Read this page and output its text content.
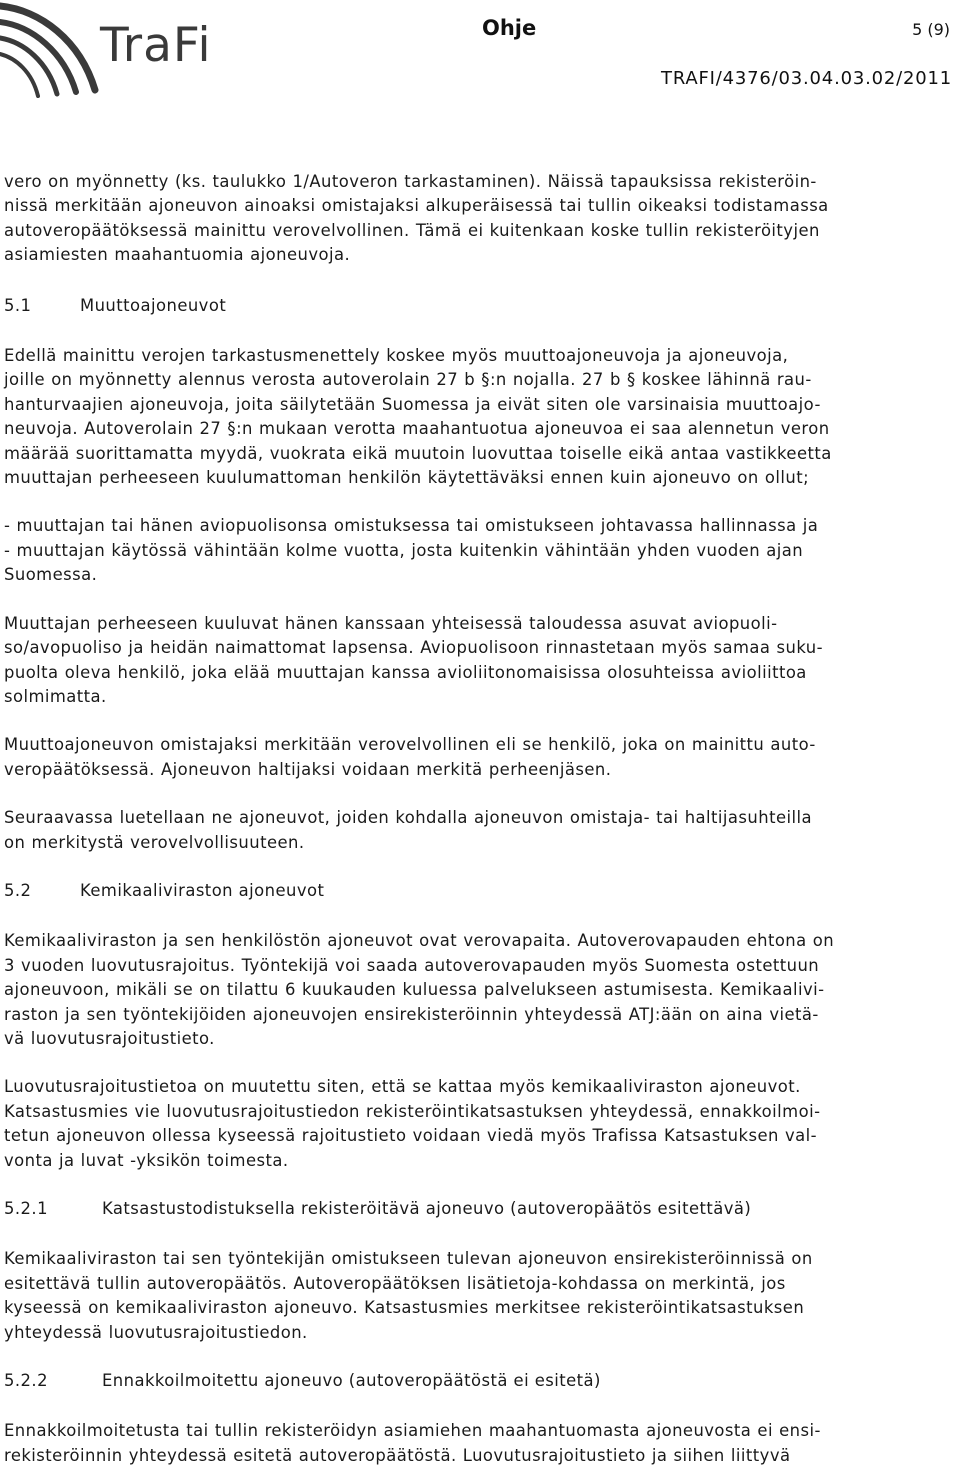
TraFi	Ohje	5 (9)
TRAFI/4376/03.04.03.02/2011

vero on myönnetty (ks. taulukko 1/Autoveron tarkastaminen). Näissä tapauksissa rekisteröin-
nissä merkitään ajoneuvon ainoaksi omistajaksi alkuperäisessä tai tullin oikeaksi todistamassa
autoveropäätöksessä mainittu verovelvollinen. Tämä ei kuitenkaan koske tullin rekisteröityjen
asiamiesten maahantuomia ajoneuvoja.

5.1	Muuttoajoneuvot

Edellä mainittu verojen tarkastusmenettely koskee myös muuttoajoneuvoja ja ajoneuvoja,
joille on myönnetty alennus verosta autoverolain 27 b §:n nojalla. 27 b § koskee lähinnä rau-
hanturvaajien ajoneuvoja, joita säilytetään Suomessa ja eivät siten ole varsinaisia muuttoajo-
neuvoja. Autoverolain 27 §:n mukaan verotta maahantuotua ajoneuvoa ei saa alennetun veron
määrää suorittamatta myydä, vuokrata eikä muutoin luovuttaa toiselle eikä antaa vastikkeetta
muuttajan perheeseen kuulumattoman henkilön käytettäväksi ennen kuin ajoneuvo on ollut;

- muuttajan tai hänen aviopuolisonsa omistuksessa tai omistukseen johtavassa hallinnassa ja
- muuttajan käytössä vähintään kolme vuotta, josta kuitenkin vähintään yhden vuoden ajan
Suomessa.

Muuttajan perheeseen kuuluvat hänen kanssaan yhteisessä taloudessa asuvat aviopuoli-
so/avopuoliso ja heidän naimattomat lapsensa. Aviopuolisoon rinnastetaan myös samaa suku-
puolta oleva henkilö, joka elää muuttajan kanssa avioliitonomaisissa olosuhteissa avioliittoa
solmimatta.

Muuttoajoneuvon omistajaksi merkitään verovelvollinen eli se henkilö, joka on mainittu auto-
veropäätöksessä. Ajoneuvon haltijaksi voidaan merkitä perheenjäsen.

Seuraavassa luetellaan ne ajoneuvot, joiden kohdalla ajoneuvon omistaja- tai haltijasuhteilla
on merkitystä verovelvollisuuteen.

5.2	Kemikaaliviraston ajoneuvot

Kemikaaliviraston ja sen henkilöstön ajoneuvot ovat verovapaita. Autoverovapauden ehtona on
3 vuoden luovutusrajoitus. Työntekijä voi saada autoverovapauden myös Suomesta ostettuun
ajoneuvoon, mikäli se on tilattu 6 kuukauden kuluessa palvelukseen astumisesta. Kemikaalivi-
raston ja sen työntekijöiden ajoneuvojen ensirekisteröinnin yhteydessä ATJ:ään on aina vietä-
vä luovutusrajoitustieto.

Luovutusrajoitustietoa on muutettu siten, että se kattaa myös kemikaaliviraston ajoneuvot.
Katsastusmies vie luovutusrajoitustiedon rekisteröintikatsastuksen yhteydessä, ennakkoilmoi-
tetun ajoneuvon ollessa kyseessä rajoitustieto voidaan viedä myös Trafissa Katsastuksen val-
vonta ja luvat -yksikön toimesta.

5.2.1	Katsastustodistuksella rekisteröitävä ajoneuvo (autoveropäätös esitettävä)

Kemikaaliviraston tai sen työntekijän omistukseen tulevan ajoneuvon ensirekisteröinnissä on
esitettävä tullin autoveropäätös. Autoveropäätöksen lisätietoja-kohdassa on merkintä, jos
kyseessä on kemikaaliviraston ajoneuvo. Katsastusmies merkitsee rekisteröintikatsastuksen
yhteydessä luovutusrajoitustiedon.

5.2.2	Ennakkoilmoitettu ajoneuvo (autoveropäätöstä ei esitetä)

Ennakkoilmoitetusta tai tullin rekisteröidyn asiamiehen maahantuomasta ajoneuvosta ei ensi-
rekisteröinnin yhteydessä esitetä autoveropäätöstä. Luovutusrajoitustieto ja siihen liittyvä
